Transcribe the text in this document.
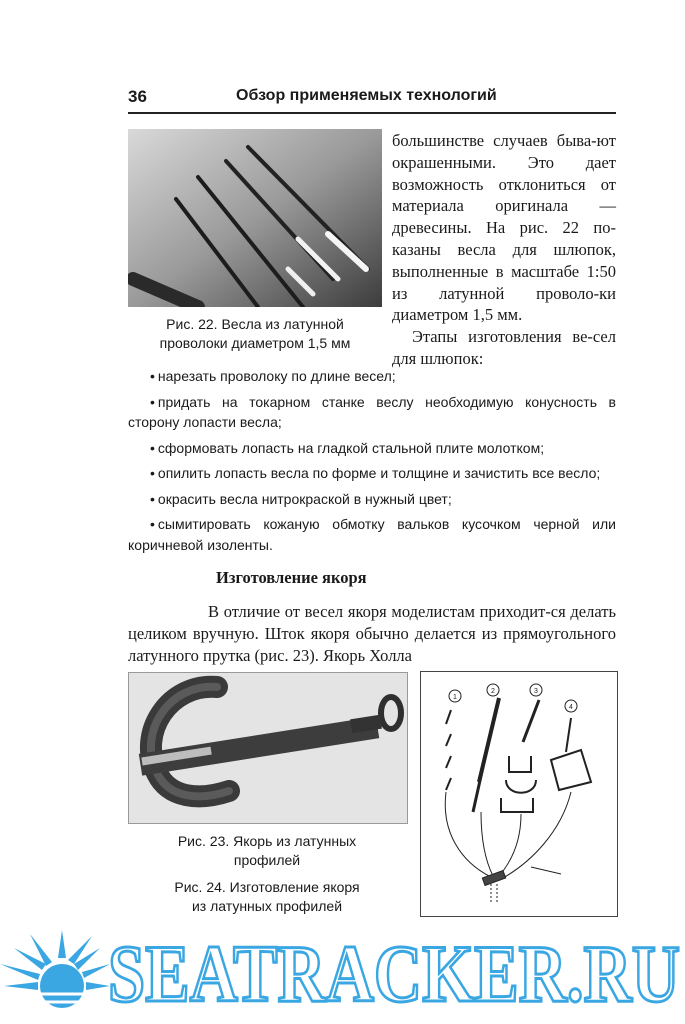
36	Обзор применяемых технологий
Рис. 22. Весла из латунной
проволоки диаметром 1,5 мм

большинстве случаев быва-ют окрашенными. Это дает возможность отклониться от материала оригинала — древесины. На рис. 22 по-казаны весла для шлюпок, выполненные в масштабе 1:50 из латунной проволо-ки диаметром 1,5 мм.

Этапы изготовления ве-сел для шлюпок:

• нарезать проволоку по длине весел;
• придать на токарном станке веслу необходимую конусность в сторону лопасти весла;
• сформовать лопасть на гладкой стальной плите молотком;
• опилить лопасть весла по форме и толщине и зачистить все весло;
• окрасить весла нитрокраской в нужный цвет;
• сымитировать кожаную обмотку вальков кусочком черной или коричневой изоленты.
Изготовление якоря
В отличие от весел якоря моделистам приходит-ся делать целиком вручную. Шток якоря обычно делается из прямоугольного латунного прутка (рис. 23). Якорь Холла
Рис. 23. Якорь из латунных
профилей
Рис. 24. Изготовление якоря
из латунных профилей
1
2	3
4
SEATRACKER.RU
